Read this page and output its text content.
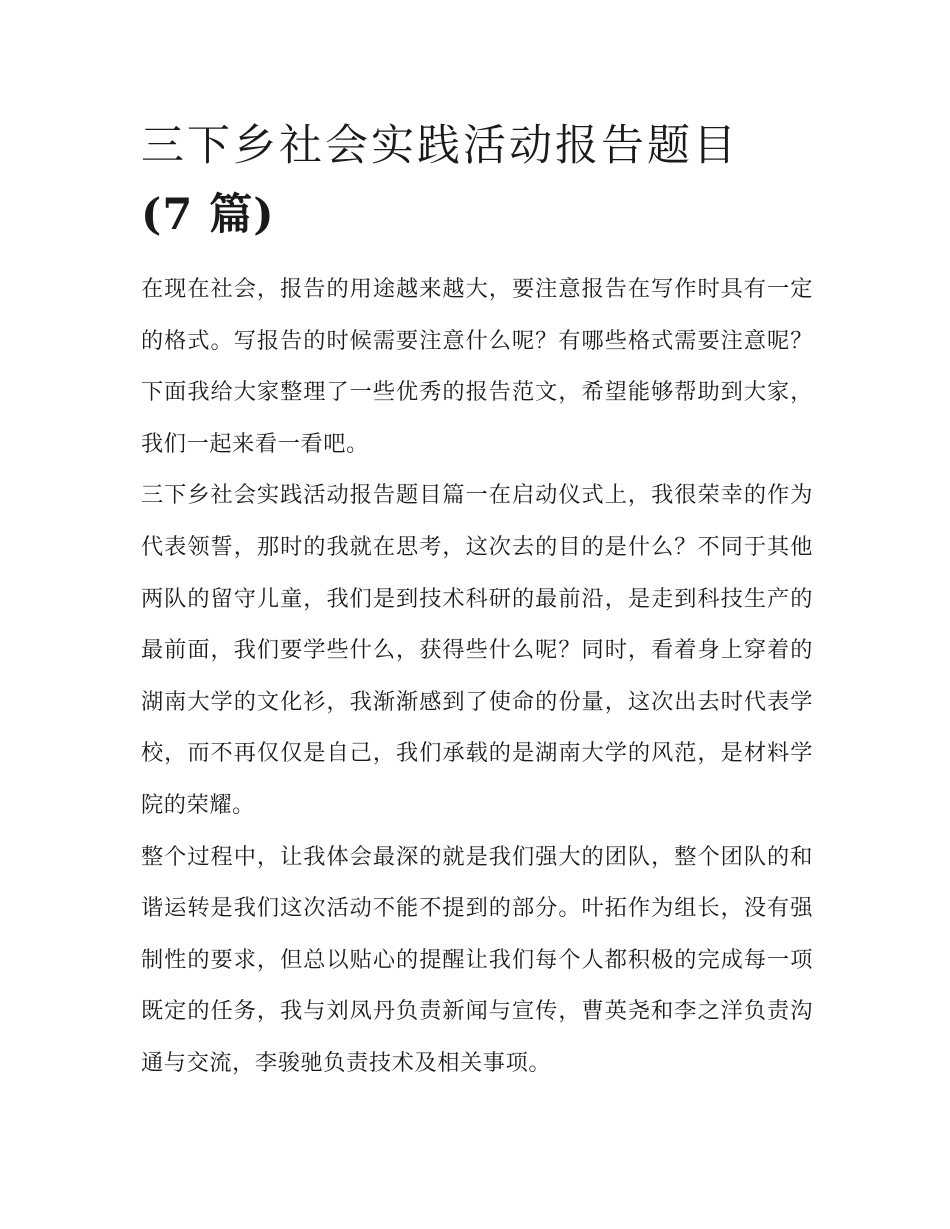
三下乡社会实践活动报告题目
(7 篇)

在现在社会，报告的用途越来越大，要注意报告在写作时具有一定的格式。写报告的时候需要注意什么呢？有哪些格式需要注意呢？下面我给大家整理了一些优秀的报告范文，希望能够帮助到大家，我们一起来看一看吧。

三下乡社会实践活动报告题目篇一在启动仪式上，我很荣幸的作为代表领誓，那时的我就在思考，这次去的目的是什么？不同于其他两队的留守儿童，我们是到技术科研的最前沿，是走到科技生产的最前面，我们要学些什么，获得些什么呢？同时，看着身上穿着的湖南大学的文化衫，我渐渐感到了使命的份量，这次出去时代表学校，而不再仅仅是自己，我们承载的是湖南大学的风范，是材料学院的荣耀。

整个过程中，让我体会最深的就是我们强大的团队，整个团队的和谐运转是我们这次活动不能不提到的部分。叶拓作为组长，没有强制性的要求，但总以贴心的提醒让我们每个人都积极的完成每一项既定的任务，我与刘凤丹负责新闻与宣传，曹英尧和李之洋负责沟通与交流，李骏驰负责技术及相关事项。
